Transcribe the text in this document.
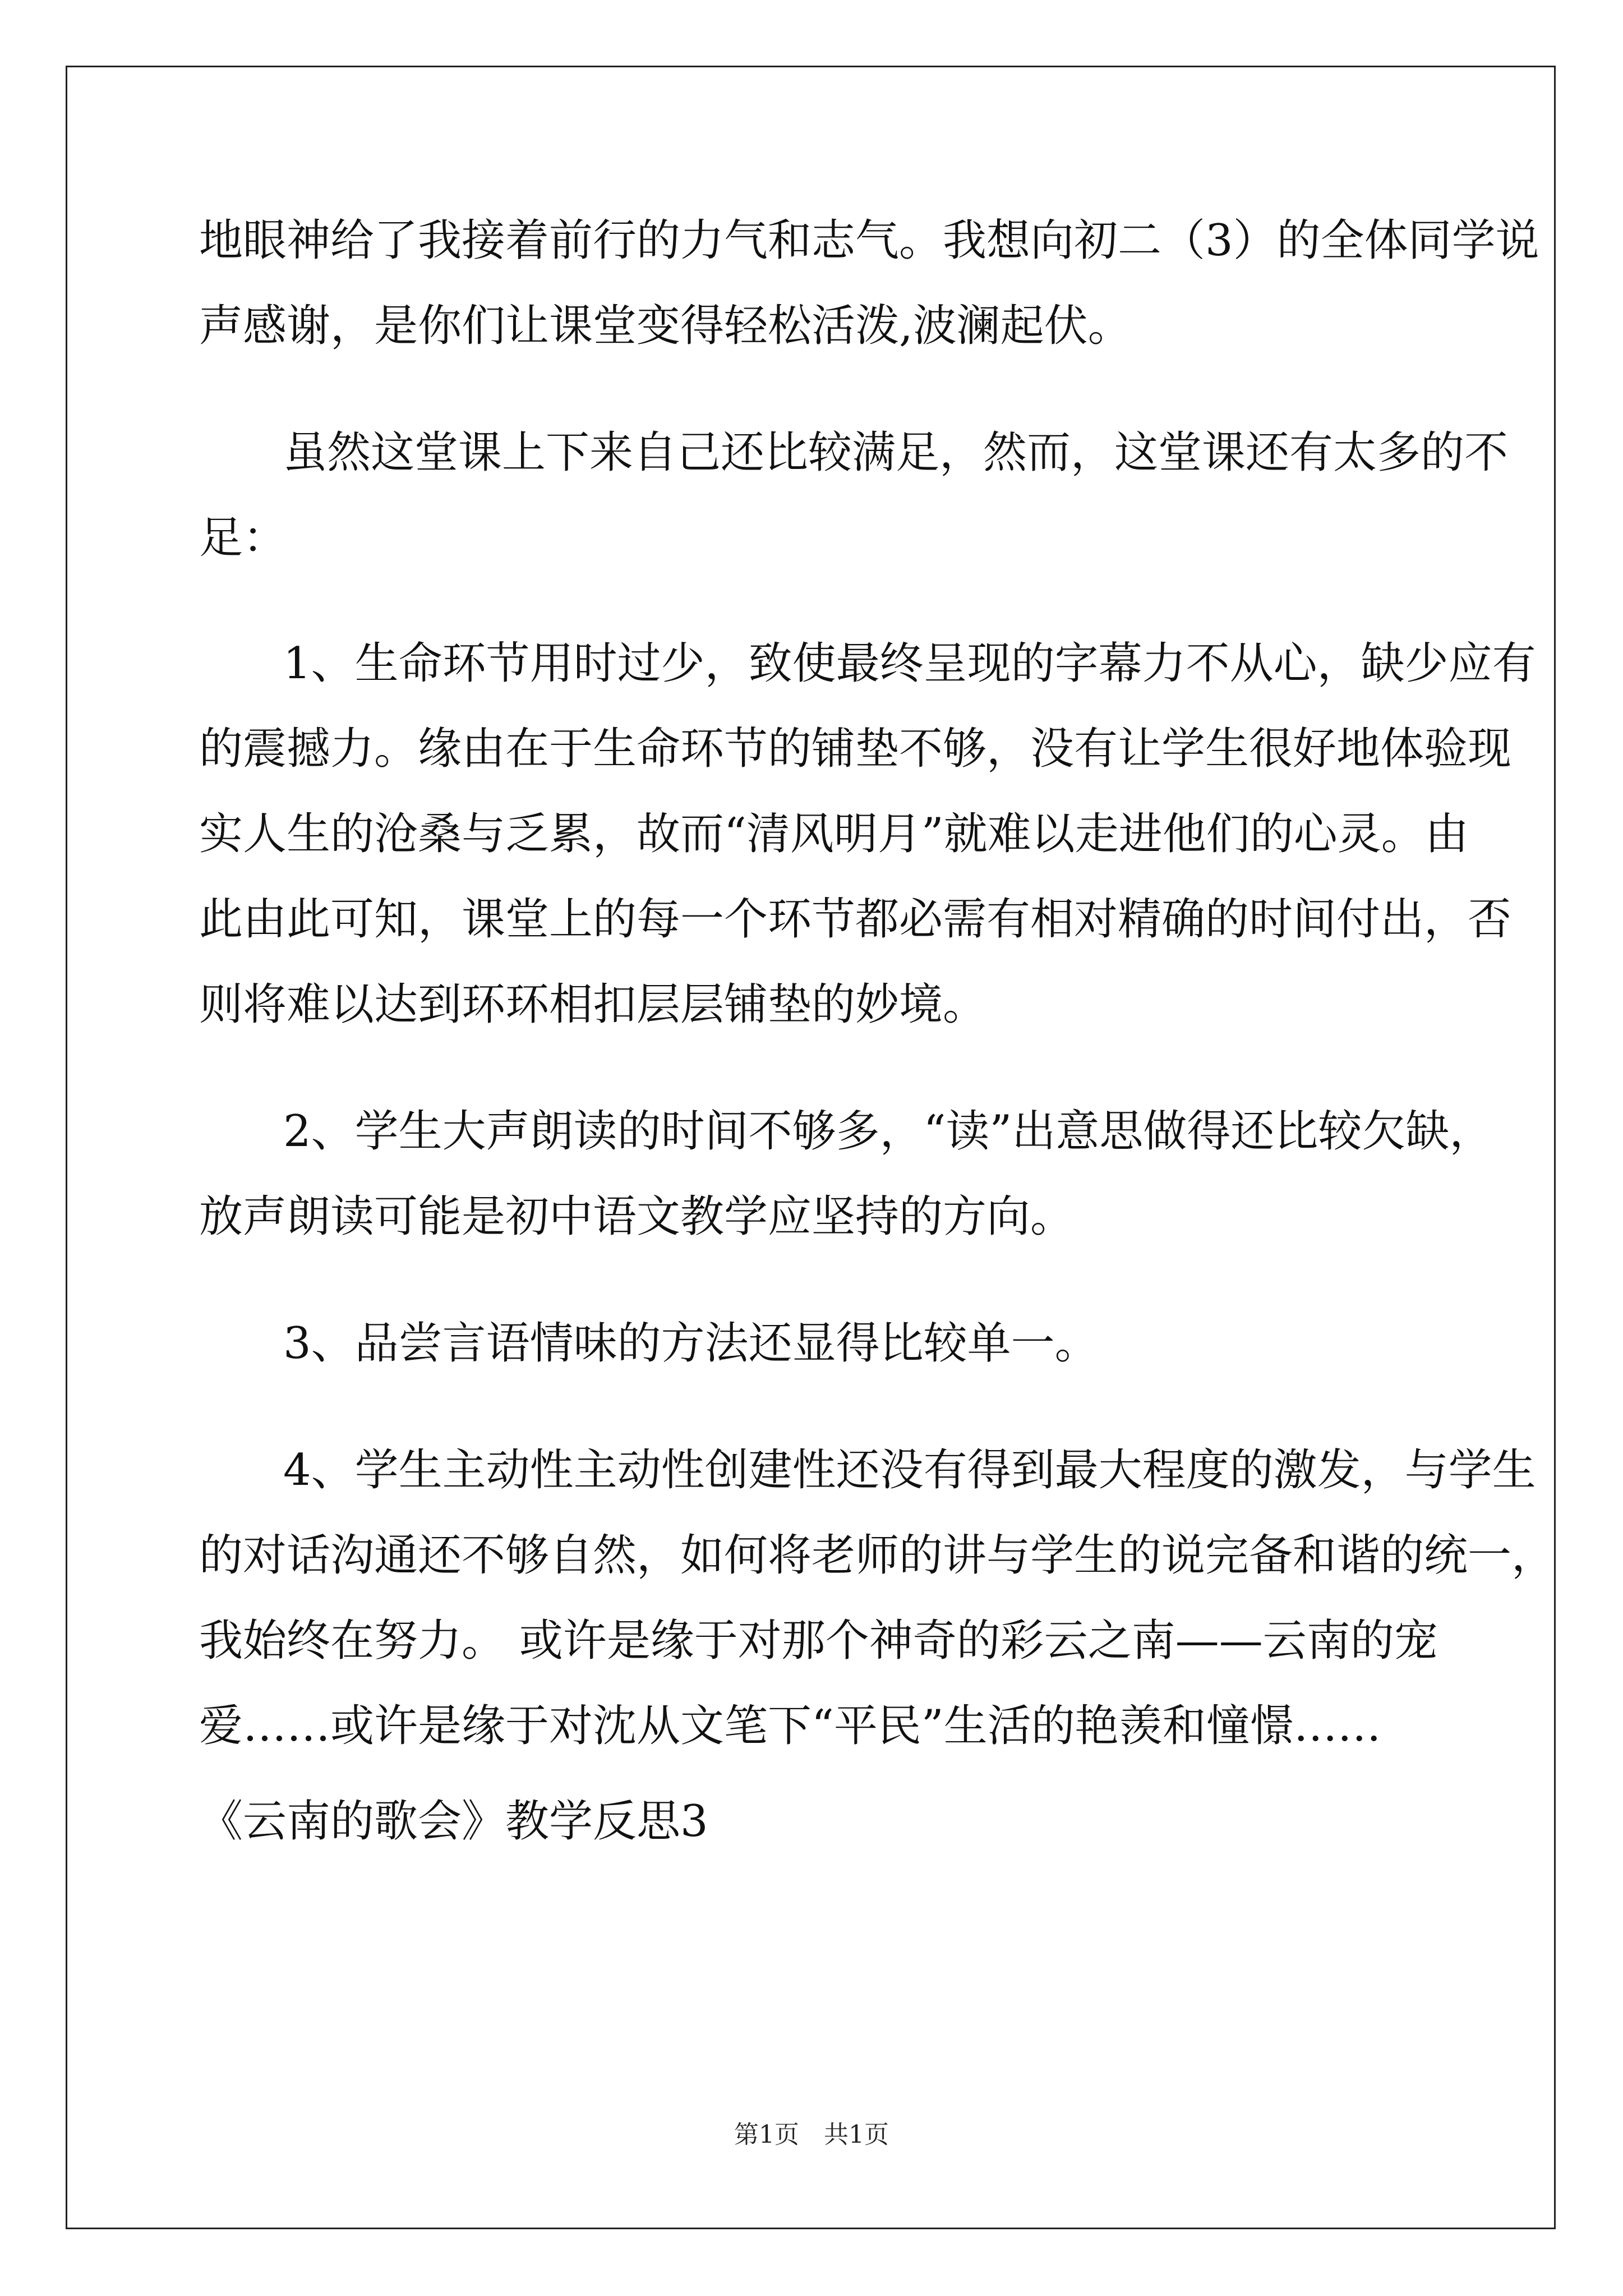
地眼神给了我接着前行的力气和志气。我想向初二（3）的全体同学说
声感谢，是你们让课堂变得轻松活泼,波澜起伏。
虽然这堂课上下来自己还比较满足，然而，这堂课还有太多的不
足：
1、生命环节用时过少，致使最终呈现的字幕力不从心，缺少应有
的震撼力。缘由在于生命环节的铺垫不够，没有让学生很好地体验现
实人生的沧桑与乏累，故而“清风明月”就难以走进他们的心灵。由
此由此可知，课堂上的每一个环节都必需有相对精确的时间付出，否
则将难以达到环环相扣层层铺垫的妙境。
2、学生大声朗读的时间不够多，“读”出意思做得还比较欠缺，
放声朗读可能是初中语文教学应坚持的方向。
3、品尝言语情味的方法还显得比较单一。
4、学生主动性主动性创建性还没有得到最大程度的激发，与学生
的对话沟通还不够自然，如何将老师的讲与学生的说完备和谐的统一，
我始终在努力。 或许是缘于对那个神奇的彩云之南——云南的宠
爱……或许是缘于对沈从文笔下“平民”生活的艳羡和憧憬……
《云南的歌会》教学反思3
第1页　共1页
